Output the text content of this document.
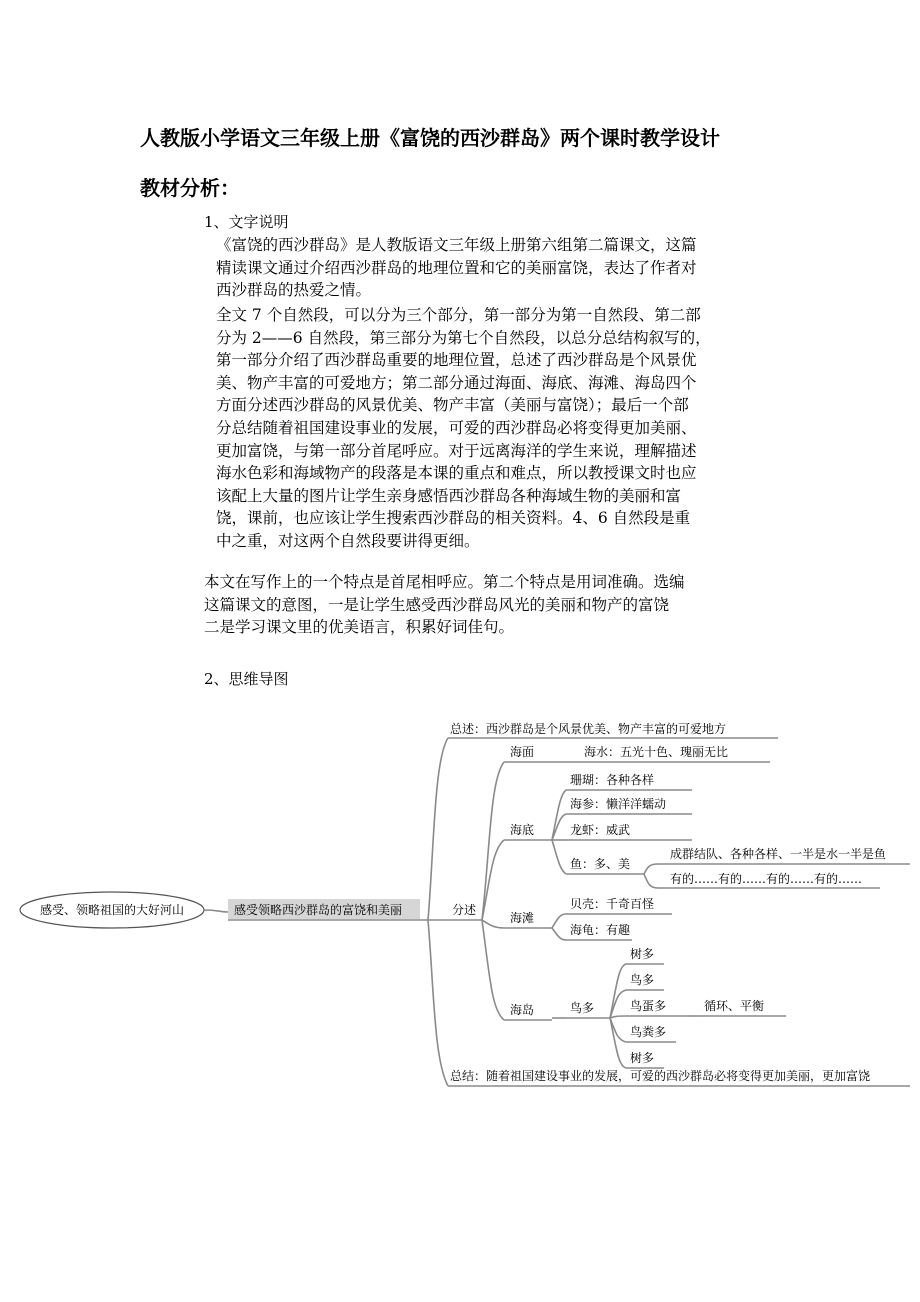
人教版小学语文三年级上册《富饶的西沙群岛》两个课时教学设计
教材分析：
1、文字说明

《富饶的西沙群岛》是人教版语文三年级上册第六组第二篇课文，这篇
精读课文通过介绍西沙群岛的地理位置和它的美丽富饶，表达了作者对
西沙群岛的热爱之情。

全文 7 个自然段，可以分为三个部分，第一部分为第一自然段、第二部
分为 2——6 自然段，第三部分为第七个自然段，以总分总结构叙写的，
第一部分介绍了西沙群岛重要的地理位置，总述了西沙群岛是个风景优
美、物产丰富的可爱地方；第二部分通过海面、海底、海滩、海岛四个
方面分述西沙群岛的风景优美、物产丰富（美丽与富饶）；最后一个部
分总结随着祖国建设事业的发展，可爱的西沙群岛必将变得更加美丽、
更加富饶，与第一部分首尾呼应。对于远离海洋的学生来说，理解描述
海水色彩和海域物产的段落是本课的重点和难点，所以教授课文时也应
该配上大量的图片让学生亲身感悟西沙群岛各种海域生物的美丽和富
饶，课前，也应该让学生搜索西沙群岛的相关资料。4、6 自然段是重
中之重，对这两个自然段要讲得更细。

本文在写作上的一个特点是首尾相呼应。第二个特点是用词准确。选编
这篇课文的意图，一是让学生感受西沙群岛风光的美丽和物产的富饶
二是学习课文里的优美语言，积累好词佳句。

2、思维导图
感受、领略祖国的大好河山	感受领略西沙群岛的富饶和美丽
总述：西沙群岛是个风景优美、物产丰富的可爱地方
分述
总结：随着祖国建设事业的发展，可爱的西沙群岛必将变得更加美丽，更加富饶
海面	海水：五光十色、瑰丽无比
海底
珊瑚：各种各样
海参：懒洋洋蠕动
龙虾：威武
鱼：多、美
成群结队、各种各样、一半是水一半是鱼
有的……有的……有的……有的……
海滩
贝壳：千奇百怪
海龟：有趣
海岛	鸟多
树多
鸟多
鸟蛋多
鸟粪多
树多
循环、平衡
